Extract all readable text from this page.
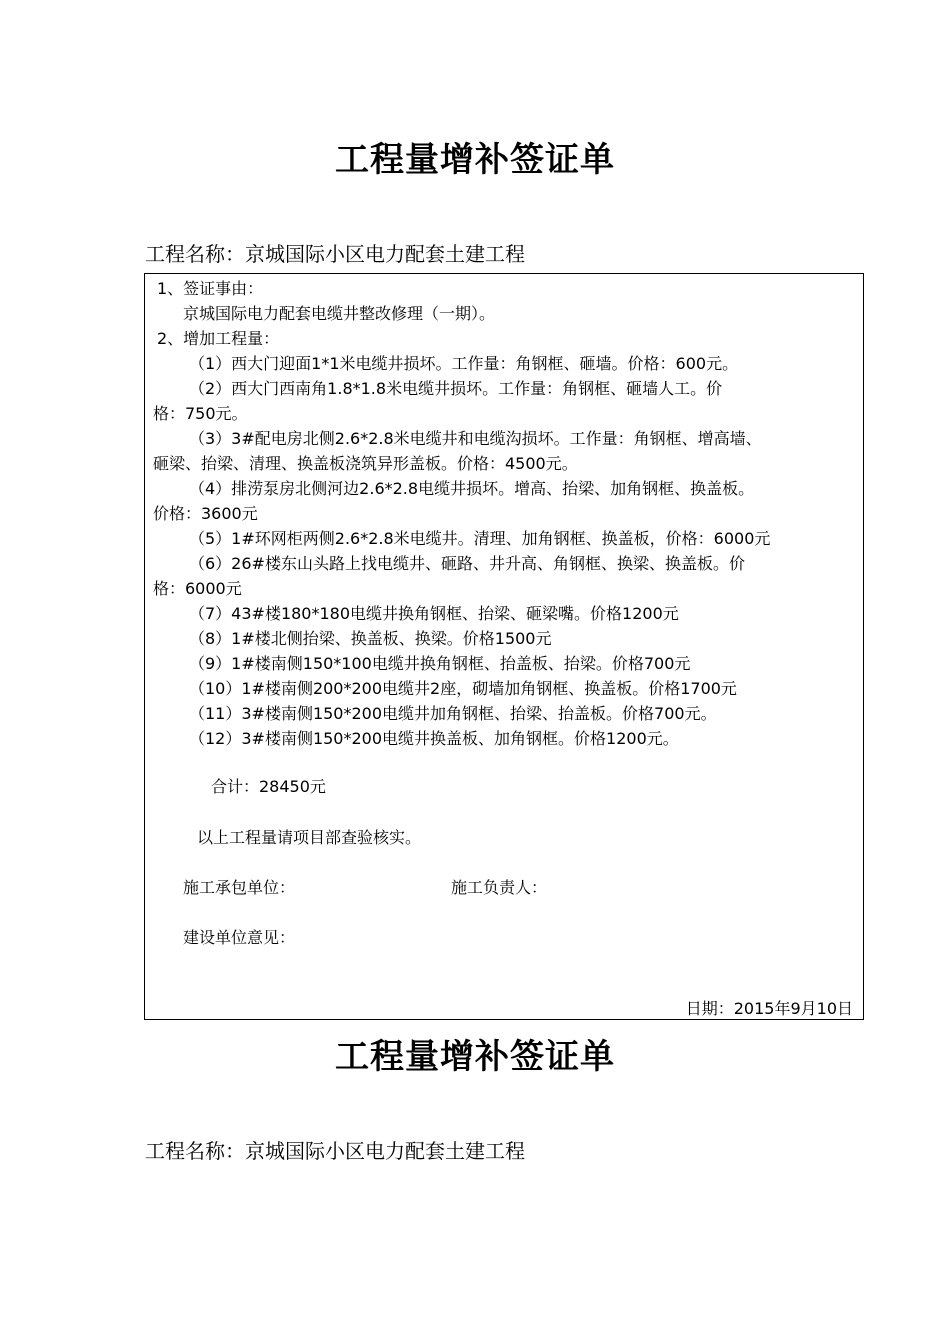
工程量增补签证单
工程名称：京城国际小区电力配套土建工程
1、签证事由：
京城国际电力配套电缆井整改修理（一期）。
2、增加工程量：
（1）西大门迎面1*1米电缆井损坏。工作量：角钢框、砸墙。价格：600元。
（2）西大门西南角1.8*1.8米电缆井损坏。工作量：角钢框、砸墙人工。价
格：750元。
（3）3#配电房北侧2.6*2.8米电缆井和电缆沟损坏。工作量：角钢框、增高墙、
砸梁、抬梁、清理、换盖板浇筑异形盖板。价格：4500元。
（4）排涝泵房北侧河边2.6*2.8电缆井损坏。增高、抬梁、加角钢框、换盖板。
价格：3600元
（5）1#环网柜两侧2.6*2.8米电缆井。清理、加角钢框、换盖板，价格：6000元
（6）26#楼东山头路上找电缆井、砸路、井升高、角钢框、换梁、换盖板。价
格：6000元
（7）43#楼180*180电缆井换角钢框、抬梁、砸梁嘴。价格1200元
（8）1#楼北侧抬梁、换盖板、换梁。价格1500元
（9）1#楼南侧150*100电缆井换角钢框、抬盖板、抬梁。价格700元
（10）1#楼南侧200*200电缆井2座，砌墙加角钢框、换盖板。价格1700元
（11）3#楼南侧150*200电缆井加角钢框、抬梁、抬盖板。价格700元。
（12）3#楼南侧150*200电缆井换盖板、加角钢框。价格1200元。
合计：28450元
以上工程量请项目部查验核实。
施工承包单位：	施工负责人：
建设单位意见：
日期：2015年9月10日
工程量增补签证单
工程名称：京城国际小区电力配套土建工程
